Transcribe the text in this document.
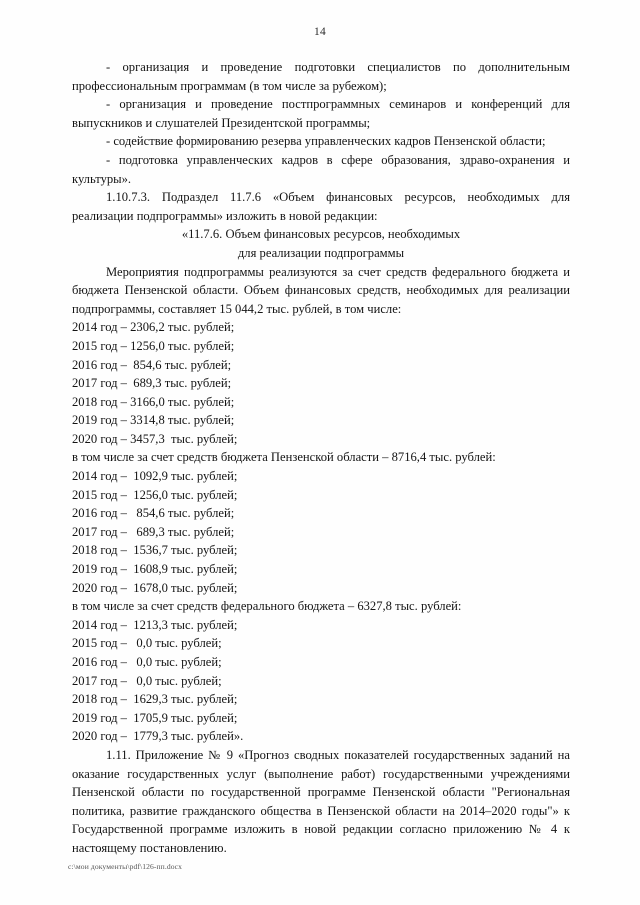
14

- организация и проведение подготовки специалистов по дополнительным профессиональным программам (в том числе за рубежом);

- организация и проведение постпрограммных семинаров и конференций для выпускников и слушателей Президентской программы;

- содействие формированию резерва управленческих кадров Пензенской области;

- подготовка управленческих кадров в сфере образования, здраво-охранения и культуры».

1.10.7.3. Подраздел 11.7.6 «Объем финансовых ресурсов, необходимых для реализации подпрограммы» изложить в новой редакции:

«11.7.6. Объем финансовых ресурсов, необходимых

для реализации подпрограммы

Мероприятия подпрограммы реализуются за счет средств федерального бюджета и бюджета Пензенской области. Объем финансовых средств, необходимых для реализации подпрограммы, составляет 15 044,2 тыс. рублей, в том числе:

2014 год – 2306,2 тыс. рублей;

2015 год – 1256,0 тыс. рублей;

2016 год –  854,6 тыс. рублей;

2017 год –  689,3 тыс. рублей;

2018 год – 3166,0 тыс. рублей;

2019 год – 3314,8 тыс. рублей;

2020 год – 3457,3  тыс. рублей;

в том числе за счет средств бюджета Пензенской области – 8716,4 тыс. рублей:

2014 год –  1092,9 тыс. рублей;

2015 год –  1256,0 тыс. рублей;

2016 год –   854,6 тыс. рублей;

2017 год –   689,3 тыс. рублей;

2018 год –  1536,7 тыс. рублей;

2019 год –  1608,9 тыс. рублей;

2020 год –  1678,0 тыс. рублей;

в том числе за счет средств федерального бюджета – 6327,8 тыс. рублей:

2014 год –  1213,3 тыс. рублей;

2015 год –   0,0 тыс. рублей;

2016 год –   0,0 тыс. рублей;

2017 год –   0,0 тыс. рублей;

2018 год –  1629,3 тыс. рублей;

2019 год –  1705,9 тыс. рублей;

2020 год –  1779,3 тыс. рублей».

1.11. Приложение № 9 «Прогноз сводных показателей государственных заданий на оказание государственных услуг (выполнение работ) государственными учреждениями Пензенской области по государственной программе Пензенской области "Региональная политика, развитие гражданского общества в Пензенской области на 2014–2020 годы"» к Государственной программе изложить в новой редакции согласно приложению № 4 к настоящему постановлению.

c:\мои документы\pdf\126-пп.docx
